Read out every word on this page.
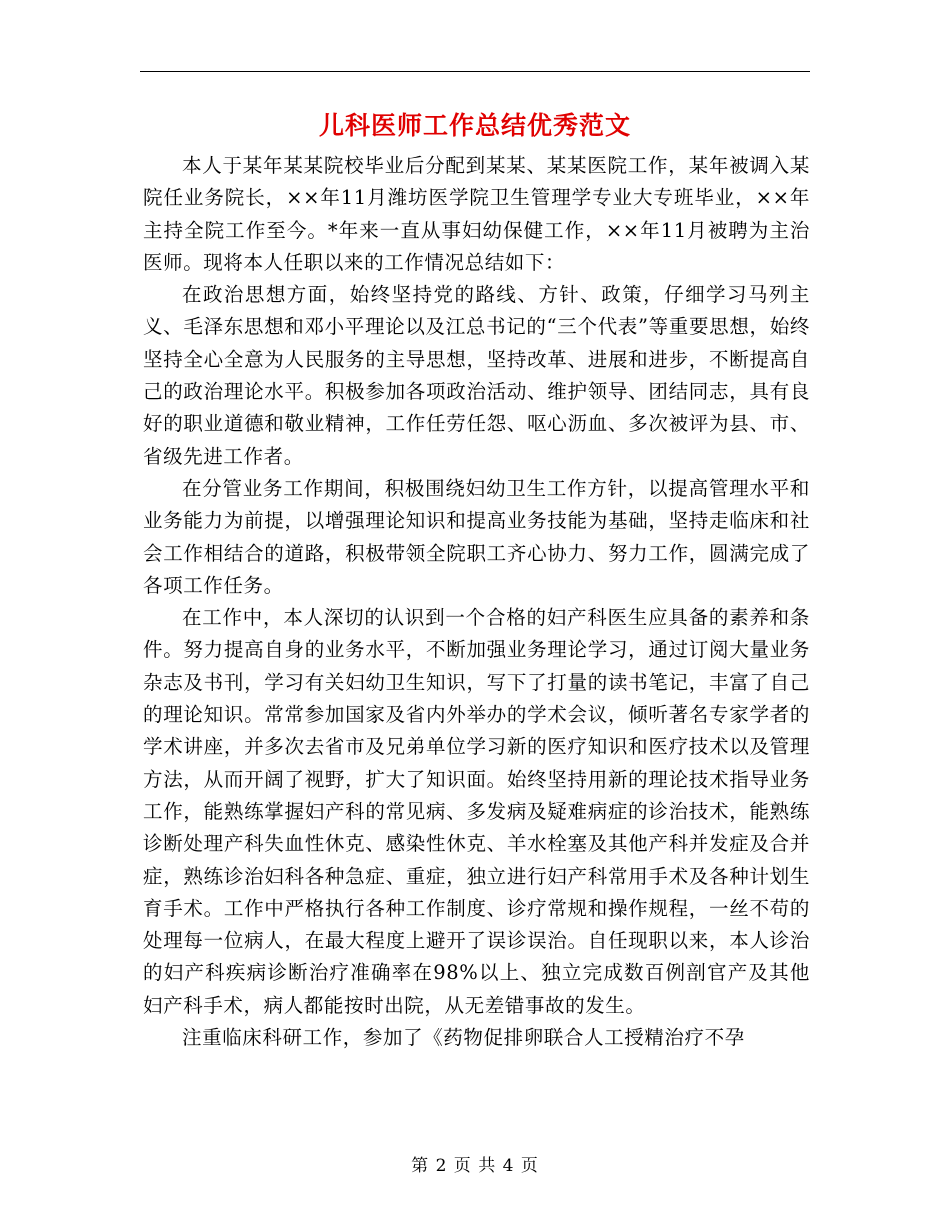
儿科医师工作总结优秀范文

本人于某年某某院校毕业后分配到某某、某某医院工作，某年被调入某院任业务院长，××年11月潍坊医学院卫生管理学专业大专班毕业，××年主持全院工作至今。*年来一直从事妇幼保健工作，××年11月被聘为主治医师。现将本人任职以来的工作情况总结如下：

在政治思想方面，始终坚持党的路线、方针、政策，仔细学习马列主义、毛泽东思想和邓小平理论以及江总书记的“三个代表”等重要思想，始终坚持全心全意为人民服务的主导思想，坚持改革、进展和进步，不断提高自己的政治理论水平。积极参加各项政治活动、维护领导、团结同志，具有良好的职业道德和敬业精神，工作任劳任怨、呕心沥血、多次被评为县、市、省级先进工作者。

在分管业务工作期间，积极围绕妇幼卫生工作方针，以提高管理水平和业务能力为前提，以增强理论知识和提高业务技能为基础，坚持走临床和社会工作相结合的道路，积极带领全院职工齐心协力、努力工作，圆满完成了各项工作任务。

在工作中，本人深切的认识到一个合格的妇产科医生应具备的素养和条件。努力提高自身的业务水平，不断加强业务理论学习，通过订阅大量业务杂志及书刊，学习有关妇幼卫生知识，写下了打量的读书笔记，丰富了自己的理论知识。常常参加国家及省内外举办的学术会议，倾听著名专家学者的学术讲座，并多次去省市及兄弟单位学习新的医疗知识和医疗技术以及管理方法，从而开阔了视野，扩大了知识面。始终坚持用新的理论技术指导业务工作，能熟练掌握妇产科的常见病、多发病及疑难病症的诊治技术，能熟练诊断处理产科失血性休克、感染性休克、羊水栓塞及其他产科并发症及合并症，熟练诊治妇科各种急症、重症，独立进行妇产科常用手术及各种计划生育手术。工作中严格执行各种工作制度、诊疗常规和操作规程，一丝不苟的处理每一位病人，在最大程度上避开了误诊误治。自任现职以来，本人诊治的妇产科疾病诊断治疗准确率在98%以上、独立完成数百例剖官产及其他妇产科手术，病人都能按时出院，从无差错事故的发生。

注重临床科研工作，参加了《药物促排卵联合人工授精治疗不孕

第 2 页 共 4 页
